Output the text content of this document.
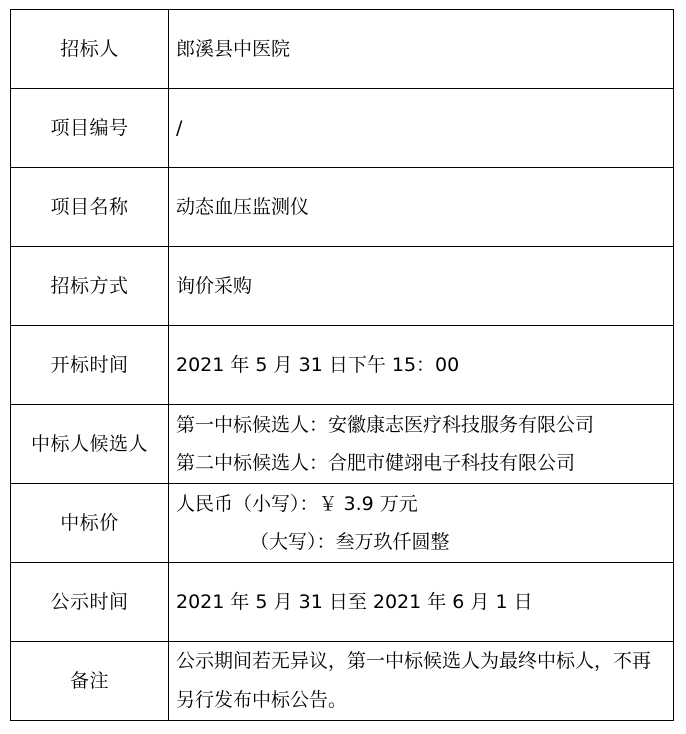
招标人	郎溪县中医院
项目编号	/
项目名称	动态血压监测仪
招标方式	询价采购
开标时间	2021 年 5 月 31 日下午 15：00
中标人候选人	第一中标候选人：安徽康志医疗科技服务有限公司
第二中标候选人：合肥市健翊电子科技有限公司

中标价	人民币（小写）：￥ 3.9 万元
（大写）：叁万玖仟圆整

公示时间	2021 年 5 月 31 日至 2021 年 6 月 1 日
备注	公示期间若无异议，第一中标候选人为最终中标人，不再另行发布中标公告。
